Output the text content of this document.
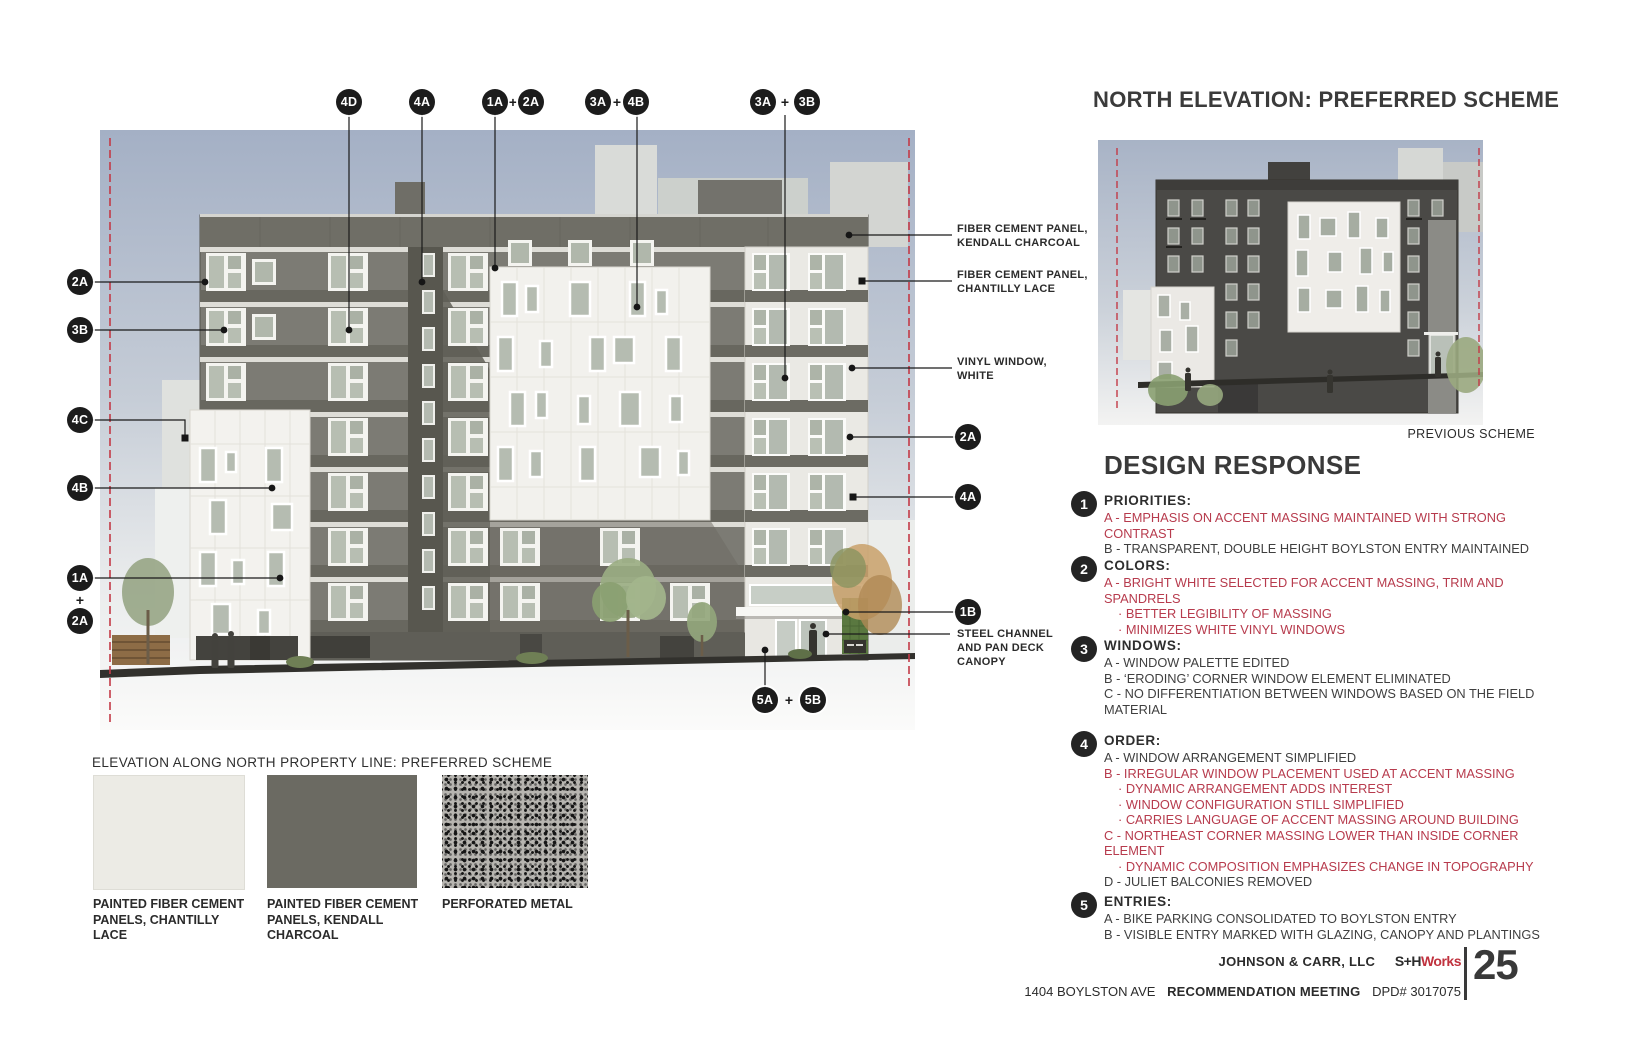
4D	4A	1A + 2A	3A + 4B	3A + 3B
2A
3B
4C
4B
1A
+
2A
2A
4A
1B
5A + 5B
FIBER CEMENT PANEL,
KENDALL CHARCOAL
FIBER CEMENT PANEL,
CHANTILLY LACE
VINYL WINDOW,
WHITE
STEEL CHANNEL
AND PAN DECK
CANOPY
ELEVATION ALONG NORTH PROPERTY LINE: PREFERRED SCHEME
PAINTED FIBER CEMENT PANELS, CHANTILLY LACE
PAINTED FIBER CEMENT PANELS, KENDALL CHARCOAL
PERFORATED METAL
NORTH ELEVATION: PREFERRED SCHEME
PREVIOUS SCHEME
DESIGN RESPONSE
1	PRIORITIES:
A - EMPHASIS ON ACCENT MASSING MAINTAINED WITH STRONG CONTRAST
B - TRANSPARENT, DOUBLE HEIGHT BOYLSTON ENTRY MAINTAINED
2	COLORS:
A - BRIGHT WHITE SELECTED FOR ACCENT MASSING, TRIM AND SPANDRELS
· BETTER LEGIBILITY OF MASSING
· MINIMIZES WHITE VINYL WINDOWS
3	WINDOWS:
A - WINDOW PALETTE EDITED
B - ‘ERODING’ CORNER WINDOW ELEMENT ELIMINATED
C - NO DIFFERENTIATION BETWEEN WINDOWS BASED ON THE FIELD MATERIAL
4	ORDER:
A - WINDOW ARRANGEMENT SIMPLIFIED
B - IRREGULAR WINDOW PLACEMENT USED AT ACCENT MASSING
· DYNAMIC ARRANGEMENT ADDS INTEREST
· WINDOW CONFIGURATION STILL SIMPLIFIED
· CARRIES LANGUAGE OF ACCENT MASSING AROUND BUILDING
C - NORTHEAST CORNER MASSING LOWER THAN INSIDE CORNER ELEMENT
· DYNAMIC COMPOSITION EMPHASIZES CHANGE IN TOPOGRAPHY
D - JULIET BALCONIES REMOVED
5	ENTRIES:
A - BIKE PARKING CONSOLIDATED TO BOYLSTON ENTRY
B - VISIBLE ENTRY MARKED WITH GLAZING, CANOPY AND PLANTINGS
JOHNSON & CARR, LLC S+HWorks
1404 BOYLSTON AVE RECOMMENDATION MEETING DPD# 3017075
25
